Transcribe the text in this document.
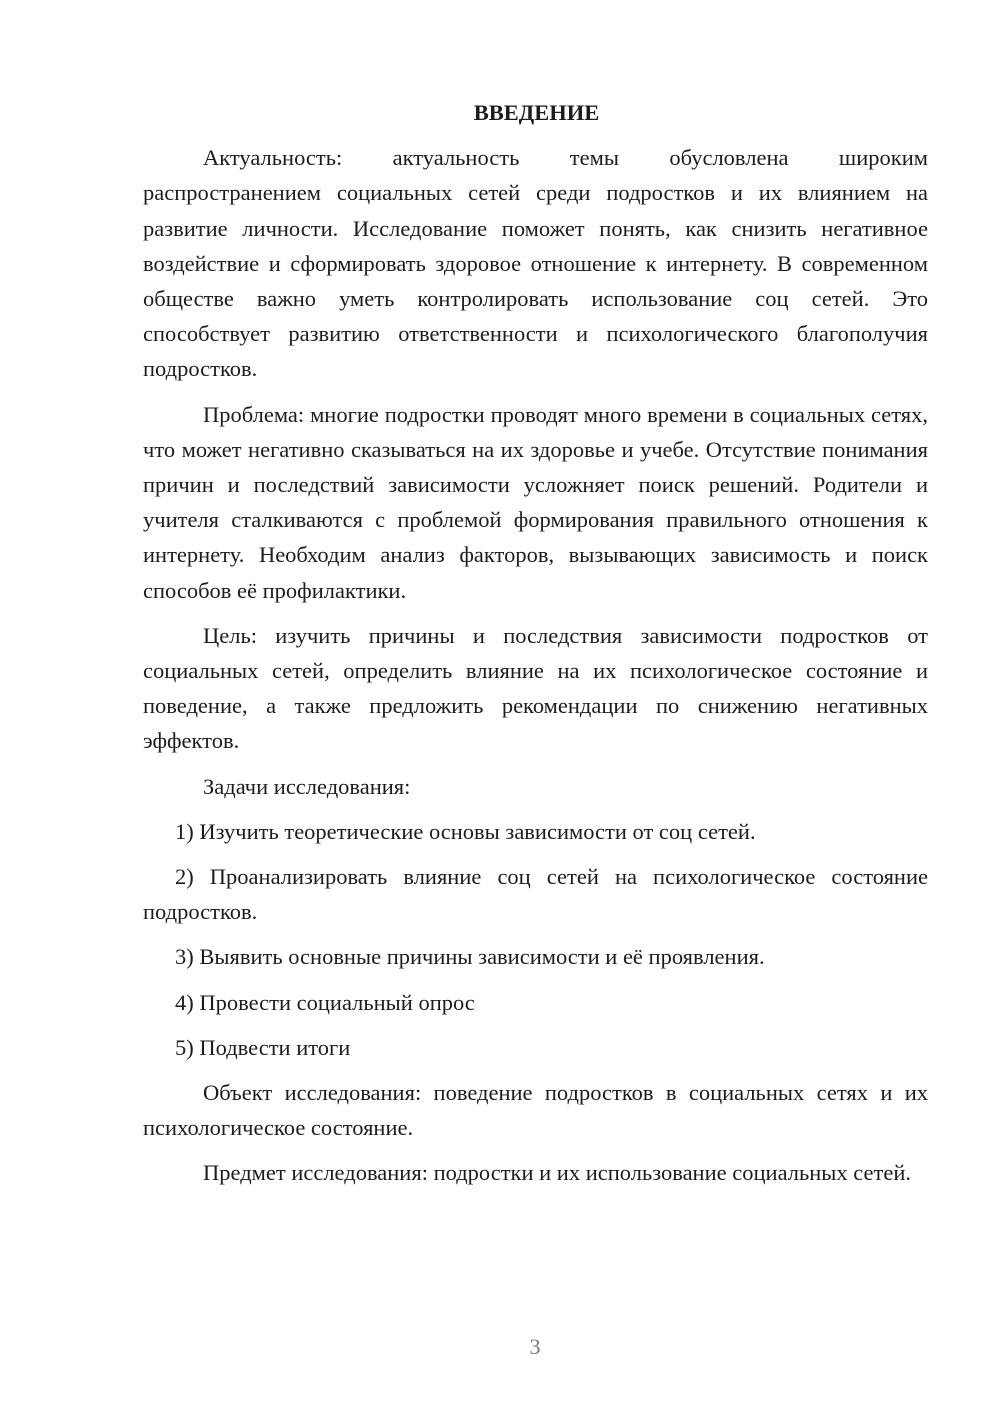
ВВЕДЕНИЕ

Актуальность: актуальность темы обусловлена широким распространением социальных сетей среди подростков и их влиянием на развитие личности. Исследование поможет понять, как снизить негативное воздействие и сформировать здоровое отношение к интернету. В современном обществе важно уметь контролировать использование соц сетей. Это способствует развитию ответственности и психологического благополучия подростков.

Проблема: многие подростки проводят много времени в социальных сетях, что может негативно сказываться на их здоровье и учебе. Отсутствие понимания причин и последствий зависимости усложняет поиск решений. Родители и учителя сталкиваются с проблемой формирования правильного отношения к интернету. Необходим анализ факторов, вызывающих зависимость и поиск способов её профилактики.

Цель: изучить причины и последствия зависимости подростков от социальных сетей, определить влияние на их психологическое состояние и поведение, а также предложить рекомендации по снижению негативных эффектов.

Задачи исследования:

1) Изучить теоретические основы зависимости от соц сетей.

2) Проанализировать влияние соц сетей на психологическое состояние подростков.

3) Выявить основные причины зависимости и её проявления.

4) Провести социальный опрос

5) Подвести итоги

Объект исследования: поведение подростков в социальных сетях и их психологическое состояние.

Предмет исследования: подростки и их использование социальных сетей.

3
